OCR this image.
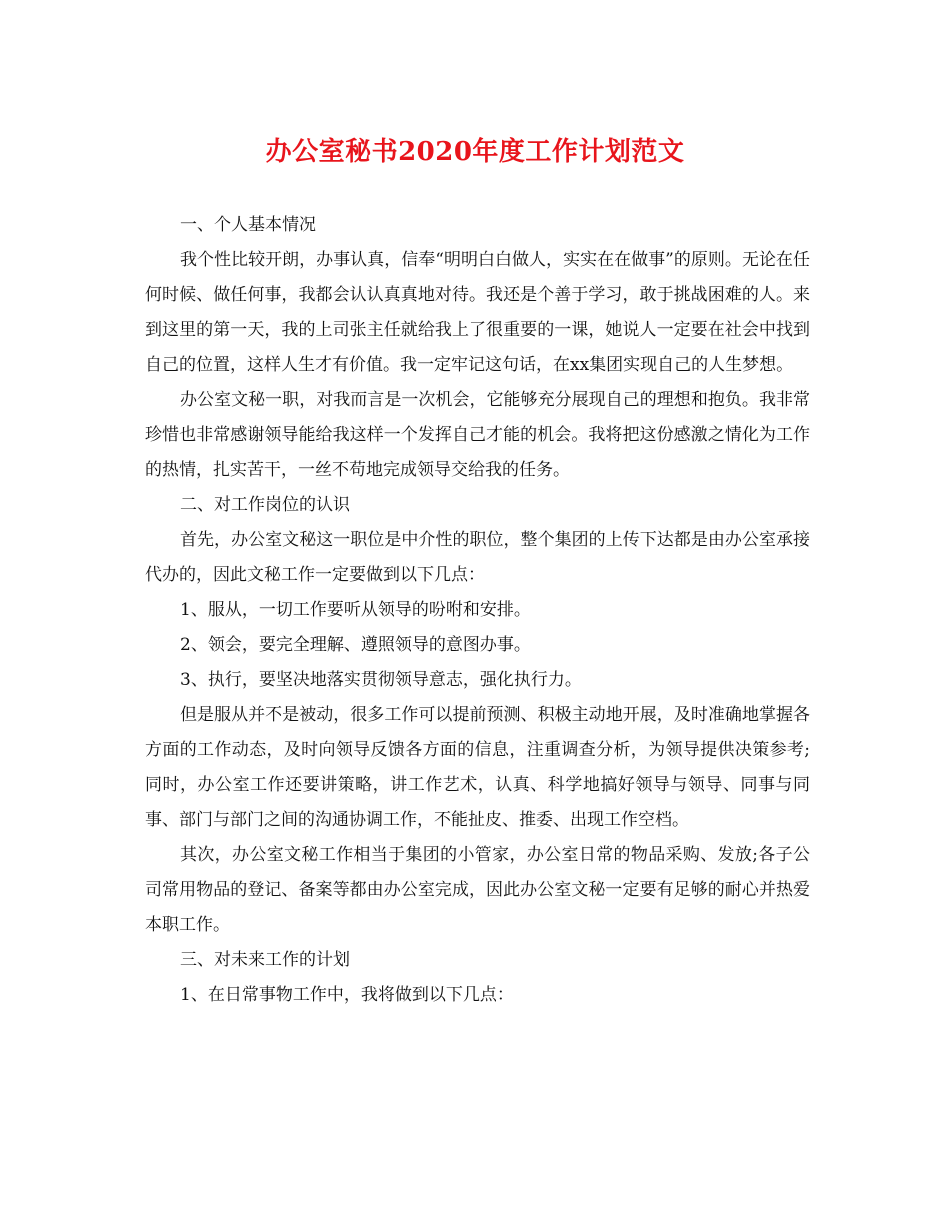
办公室秘书2020年度工作计划范文

一、个人基本情况

我个性比较开朗，办事认真，信奉“明明白白做人，实实在在做事”的原则。无论在任何时候、做任何事，我都会认认真真地对待。我还是个善于学习，敢于挑战困难的人。来到这里的第一天，我的上司张主任就给我上了很重要的一课，她说人一定要在社会中找到自己的位置，这样人生才有价值。我一定牢记这句话，在xx集团实现自己的人生梦想。

办公室文秘一职，对我而言是一次机会，它能够充分展现自己的理想和抱负。我非常珍惜也非常感谢领导能给我这样一个发挥自己才能的机会。我将把这份感激之情化为工作的热情，扎实苦干，一丝不苟地完成领导交给我的任务。

二、对工作岗位的认识

首先，办公室文秘这一职位是中介性的职位，整个集团的上传下达都是由办公室承接代办的，因此文秘工作一定要做到以下几点：

1、服从，一切工作要听从领导的吩咐和安排。

2、领会，要完全理解、遵照领导的意图办事。

3、执行，要坚决地落实贯彻领导意志，强化执行力。

但是服从并不是被动，很多工作可以提前预测、积极主动地开展，及时准确地掌握各方面的工作动态，及时向领导反馈各方面的信息，注重调查分析，为领导提供决策参考;同时，办公室工作还要讲策略，讲工作艺术，认真、科学地搞好领导与领导、同事与同事、部门与部门之间的沟通协调工作，不能扯皮、推委、出现工作空档。

其次，办公室文秘工作相当于集团的小管家，办公室日常的物品采购、发放;各子公司常用物品的登记、备案等都由办公室完成，因此办公室文秘一定要有足够的耐心并热爱本职工作。

三、对未来工作的计划

1、在日常事物工作中，我将做到以下几点：
